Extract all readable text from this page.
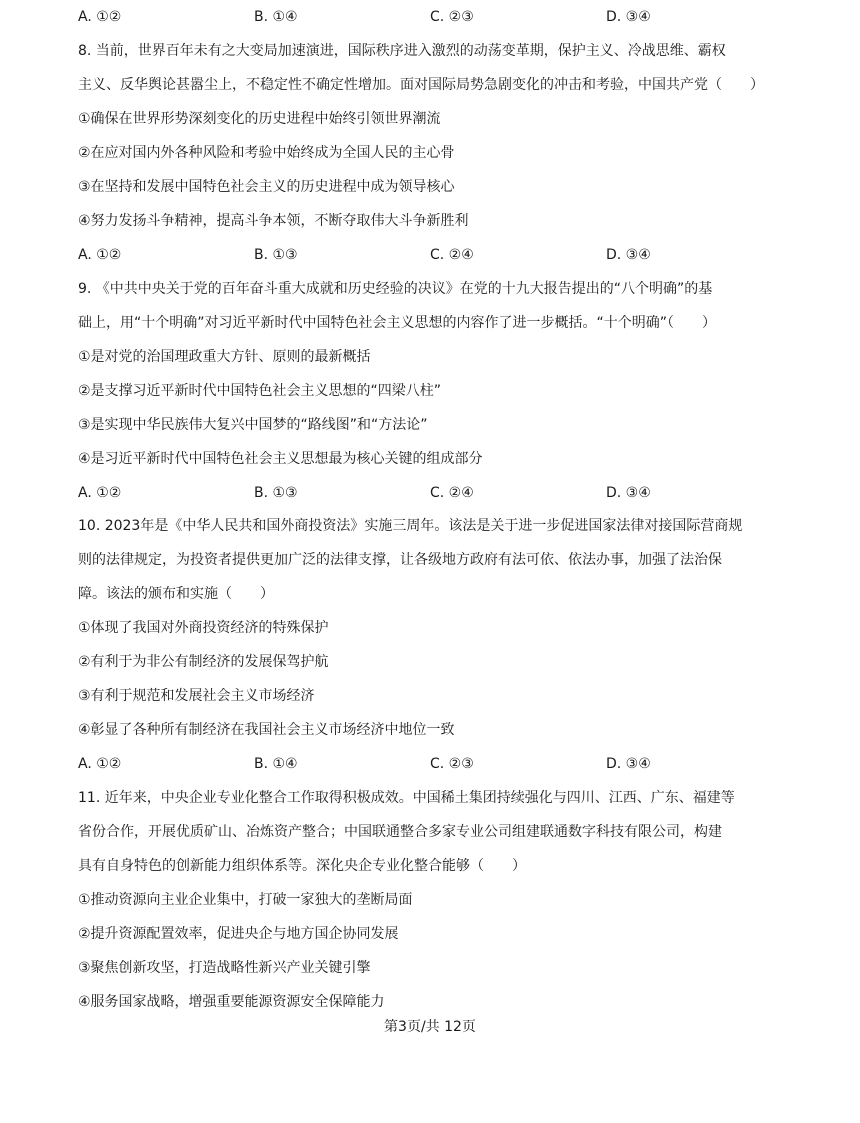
A. ①②	B. ①④	C. ②③	D. ③④
8. 当前，世界百年未有之大变局加速演进，国际秩序进入激烈的动荡变革期，保护主义、冷战思维、霸权
主义、反华舆论甚嚣尘上，不稳定性不确定性增加。面对国际局势急剧变化的冲击和考验，中国共产党（　　）
①确保在世界形势深刻变化的历史进程中始终引领世界潮流
②在应对国内外各种风险和考验中始终成为全国人民的主心骨
③在坚持和发展中国特色社会主义的历史进程中成为领导核心
④努力发扬斗争精神，提高斗争本领，不断夺取伟大斗争新胜利
A. ①②	B. ①③	C. ②④	D. ③④
9. 《中共中央关于党的百年奋斗重大成就和历史经验的决议》在党的十九大报告提出的“八个明确”的基
础上，用“十个明确”对习近平新时代中国特色社会主义思想的内容作了进一步概括。“十个明确”（　　）
①是对党的治国理政重大方针、原则的最新概括
②是支撑习近平新时代中国特色社会主义思想的“四梁八柱”
③是实现中华民族伟大复兴中国梦的“路线图”和“方法论”
④是习近平新时代中国特色社会主义思想最为核心关键的组成部分
A. ①②	B. ①③	C. ②④	D. ③④
10. 2023年是《中华人民共和国外商投资法》实施三周年。该法是关于进一步促进国家法律对接国际营商规
则的法律规定，为投资者提供更加广泛的法律支撑，让各级地方政府有法可依、依法办事，加强了法治保
障。该法的颁布和实施（　　）
①体现了我国对外商投资经济的特殊保护
②有利于为非公有制经济的发展保驾护航
③有利于规范和发展社会主义市场经济
④彰显了各种所有制经济在我国社会主义市场经济中地位一致
A. ①②	B. ①④	C. ②③	D. ③④
11. 近年来，中央企业专业化整合工作取得积极成效。中国稀土集团持续强化与四川、江西、广东、福建等
省份合作，开展优质矿山、冶炼资产整合；中国联通整合多家专业公司组建联通数字科技有限公司，构建
具有自身特色的创新能力组织体系等。深化央企专业化整合能够（　　）
①推动资源向主业企业集中，打破一家独大的垄断局面
②提升资源配置效率，促进央企与地方国企协同发展
③聚焦创新攻坚，打造战略性新兴产业关键引擎
④服务国家战略，增强重要能源资源安全保障能力
第3页/共 12页
